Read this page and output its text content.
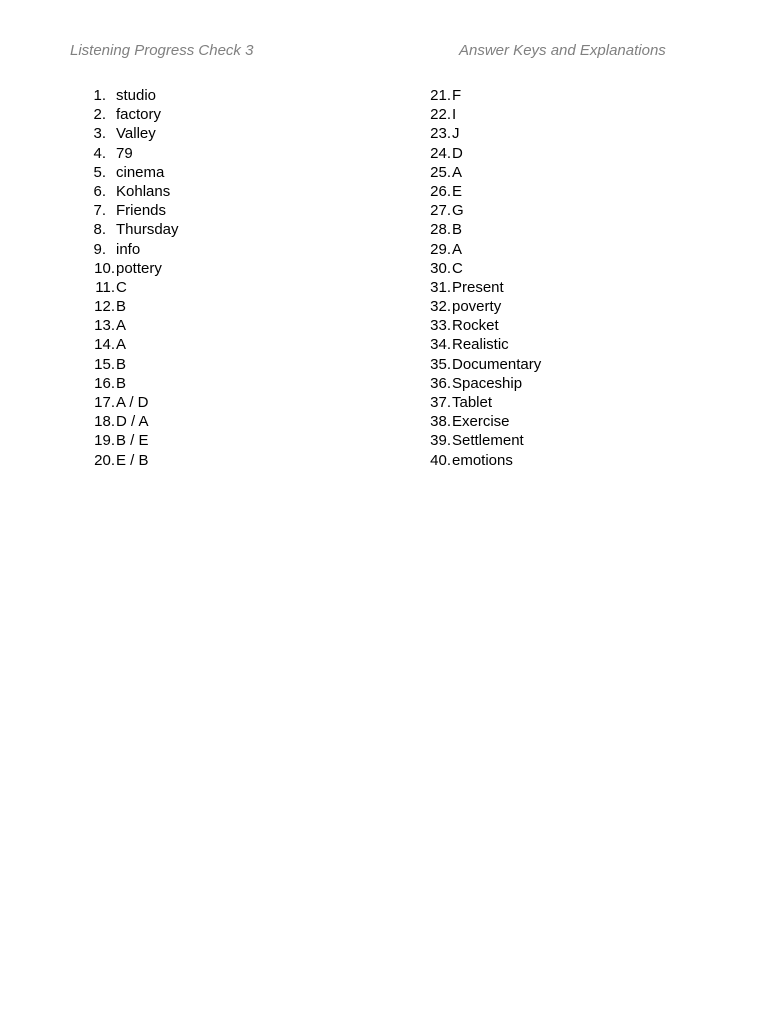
Listening Progress Check 3	Answer Keys and Explanations
1. studio
2. factory
3. Valley
4. 79
5. cinema
6. Kohlans
7. Friends
8. Thursday
9. info
10. pottery
11. C
12. B
13. A
14. A
15. B
16. B
17. A / D
18. D / A
19. B / E
20. E / B
21. F
22. I
23. J
24. D
25. A
26. E
27. G
28. B
29. A
30. C
31. Present
32. poverty
33. Rocket
34. Realistic
35. Documentary
36. Spaceship
37. Tablet
38. Exercise
39. Settlement
40. emotions
